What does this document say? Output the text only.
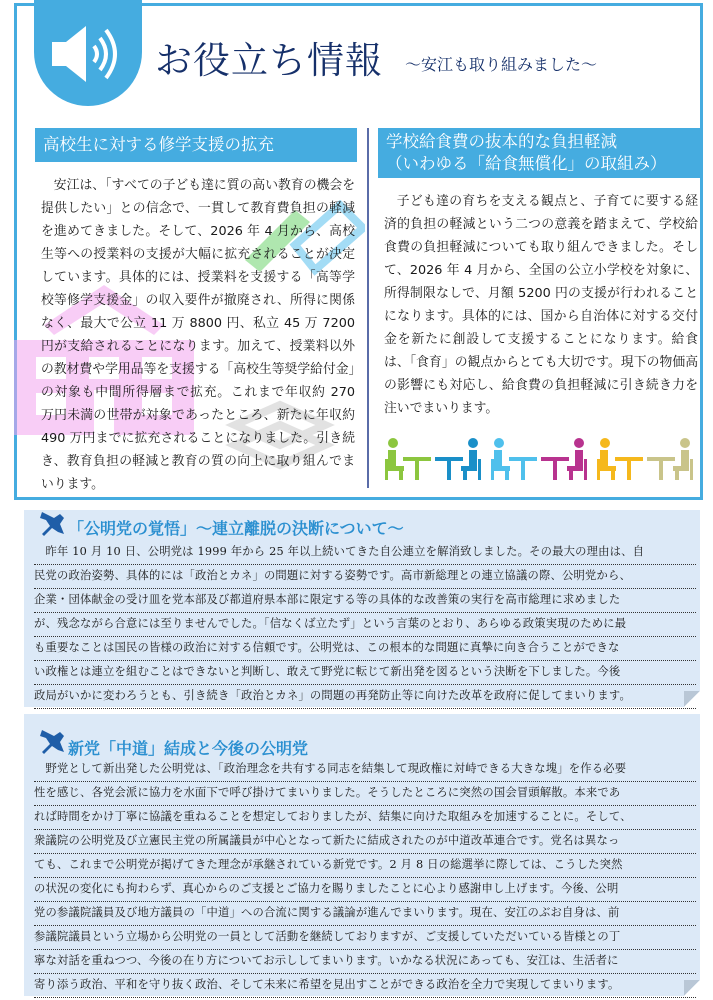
お役立ち情報 ～安江も取り組みました～
高校生に対する修学支援の拡充

安江は、「すべての子ども達に質の高い教育の機会を提供したい」との信念で、一貫して教育費負担の軽減を進めてきました。そして、2026 年 4 月から、高校生等への授業料の支援が大幅に拡充されることが決定しています。具体的には、授業料を支援する「高等学校等修学支援金」の収入要件が撤廃され、所得に関係なく、最大で公立 11 万 8800 円、私立 45 万 7200 円が支給されることになります。加えて、授業料以外の教材費や学用品等を支援する「高校生等奨学給付金」の対象も中間所得層まで拡充。これまで年収約 270 万円未満の世帯が対象であったところ、新たに年収約 490 万円までに拡充されることになりました。引き続き、教育負担の軽減と教育の質の向上に取り組んでまいります。

学校給食費の抜本的な負担軽減
（いわゆる「給食無償化」の取組み）

子ども達の育ちを支える観点と、子育てに要する経済的負担の軽減という二つの意義を踏まえて、学校給食費の負担軽減についても取り組んできました。そして、2026 年 4 月から、全国の公立小学校を対象に、所得制限なしで、月額 5200 円の支援が行われることになります。具体的には、国から自治体に対する交付金を新たに創設して支援することになります。給食は、「食育」の観点からとても大切です。現下の物価高の影響にも対応し、給食費の負担軽減に引き続き力を注いでまいります。

「公明党の覚悟」～連立離脱の決断について～
　昨年 10 月 10 日、公明党は 1999 年から 25 年以上続いてきた自公連立を解消致しました。その最大の理由は、自
民党の政治姿勢、具体的には「政治とカネ」の問題に対する姿勢です。高市新総理との連立協議の際、公明党から、
企業・団体献金の受け皿を党本部及び都道府県本部に限定する等の具体的な改善策の実行を高市総理に求めました
が、残念ながら合意には至りませんでした。「信なくば立たず」という言葉のとおり、あらゆる政策実現のために最
も重要なことは国民の皆様の政治に対する信頼です。公明党は、この根本的な問題に真摯に向き合うことができな
い政権とは連立を組むことはできないと判断し、敢えて野党に転じて新出発を図るという決断を下しました。今後
政局がいかに変わろうとも、引き続き「政治とカネ」の問題の再発防止等に向けた改革を政府に促してまいります。
新党「中道」結成と今後の公明党
　野党として新出発した公明党は、「政治理念を共有する同志を結集して現政権に対峙できる大きな塊」を作る必要
性を感じ、各党会派に協力を水面下で呼び掛けてまいりました。そうしたところに突然の国会冒頭解散。本来であ
れば時間をかけ丁寧に協議を重ねることを想定しておりましたが、結集に向けた取組みを加速することに。そして、
衆議院の公明党及び立憲民主党の所属議員が中心となって新たに結成されたのが中道改革連合です。党名は異なっ
ても、これまで公明党が掲げてきた理念が承継されている新党です。2 月 8 日の総選挙に際しては、こうした突然
の状況の変化にも拘わらず、真心からのご支援とご協力を賜りましたことに心より感謝申し上げます。今後、公明
党の参議院議員及び地方議員の「中道」への合流に関する議論が進んでまいります。現在、安江のぶお自身は、前
参議院議員という立場から公明党の一員として活動を継続しておりますが、ご支援していただいている皆様との丁
寧な対話を重ねつつ、今後の在り方についてお示ししてまいります。いかなる状況にあっても、安江は、生活者に
寄り添う政治、平和を守り抜く政治、そして未来に希望を見出すことができる政治を全力で実現してまいります。
